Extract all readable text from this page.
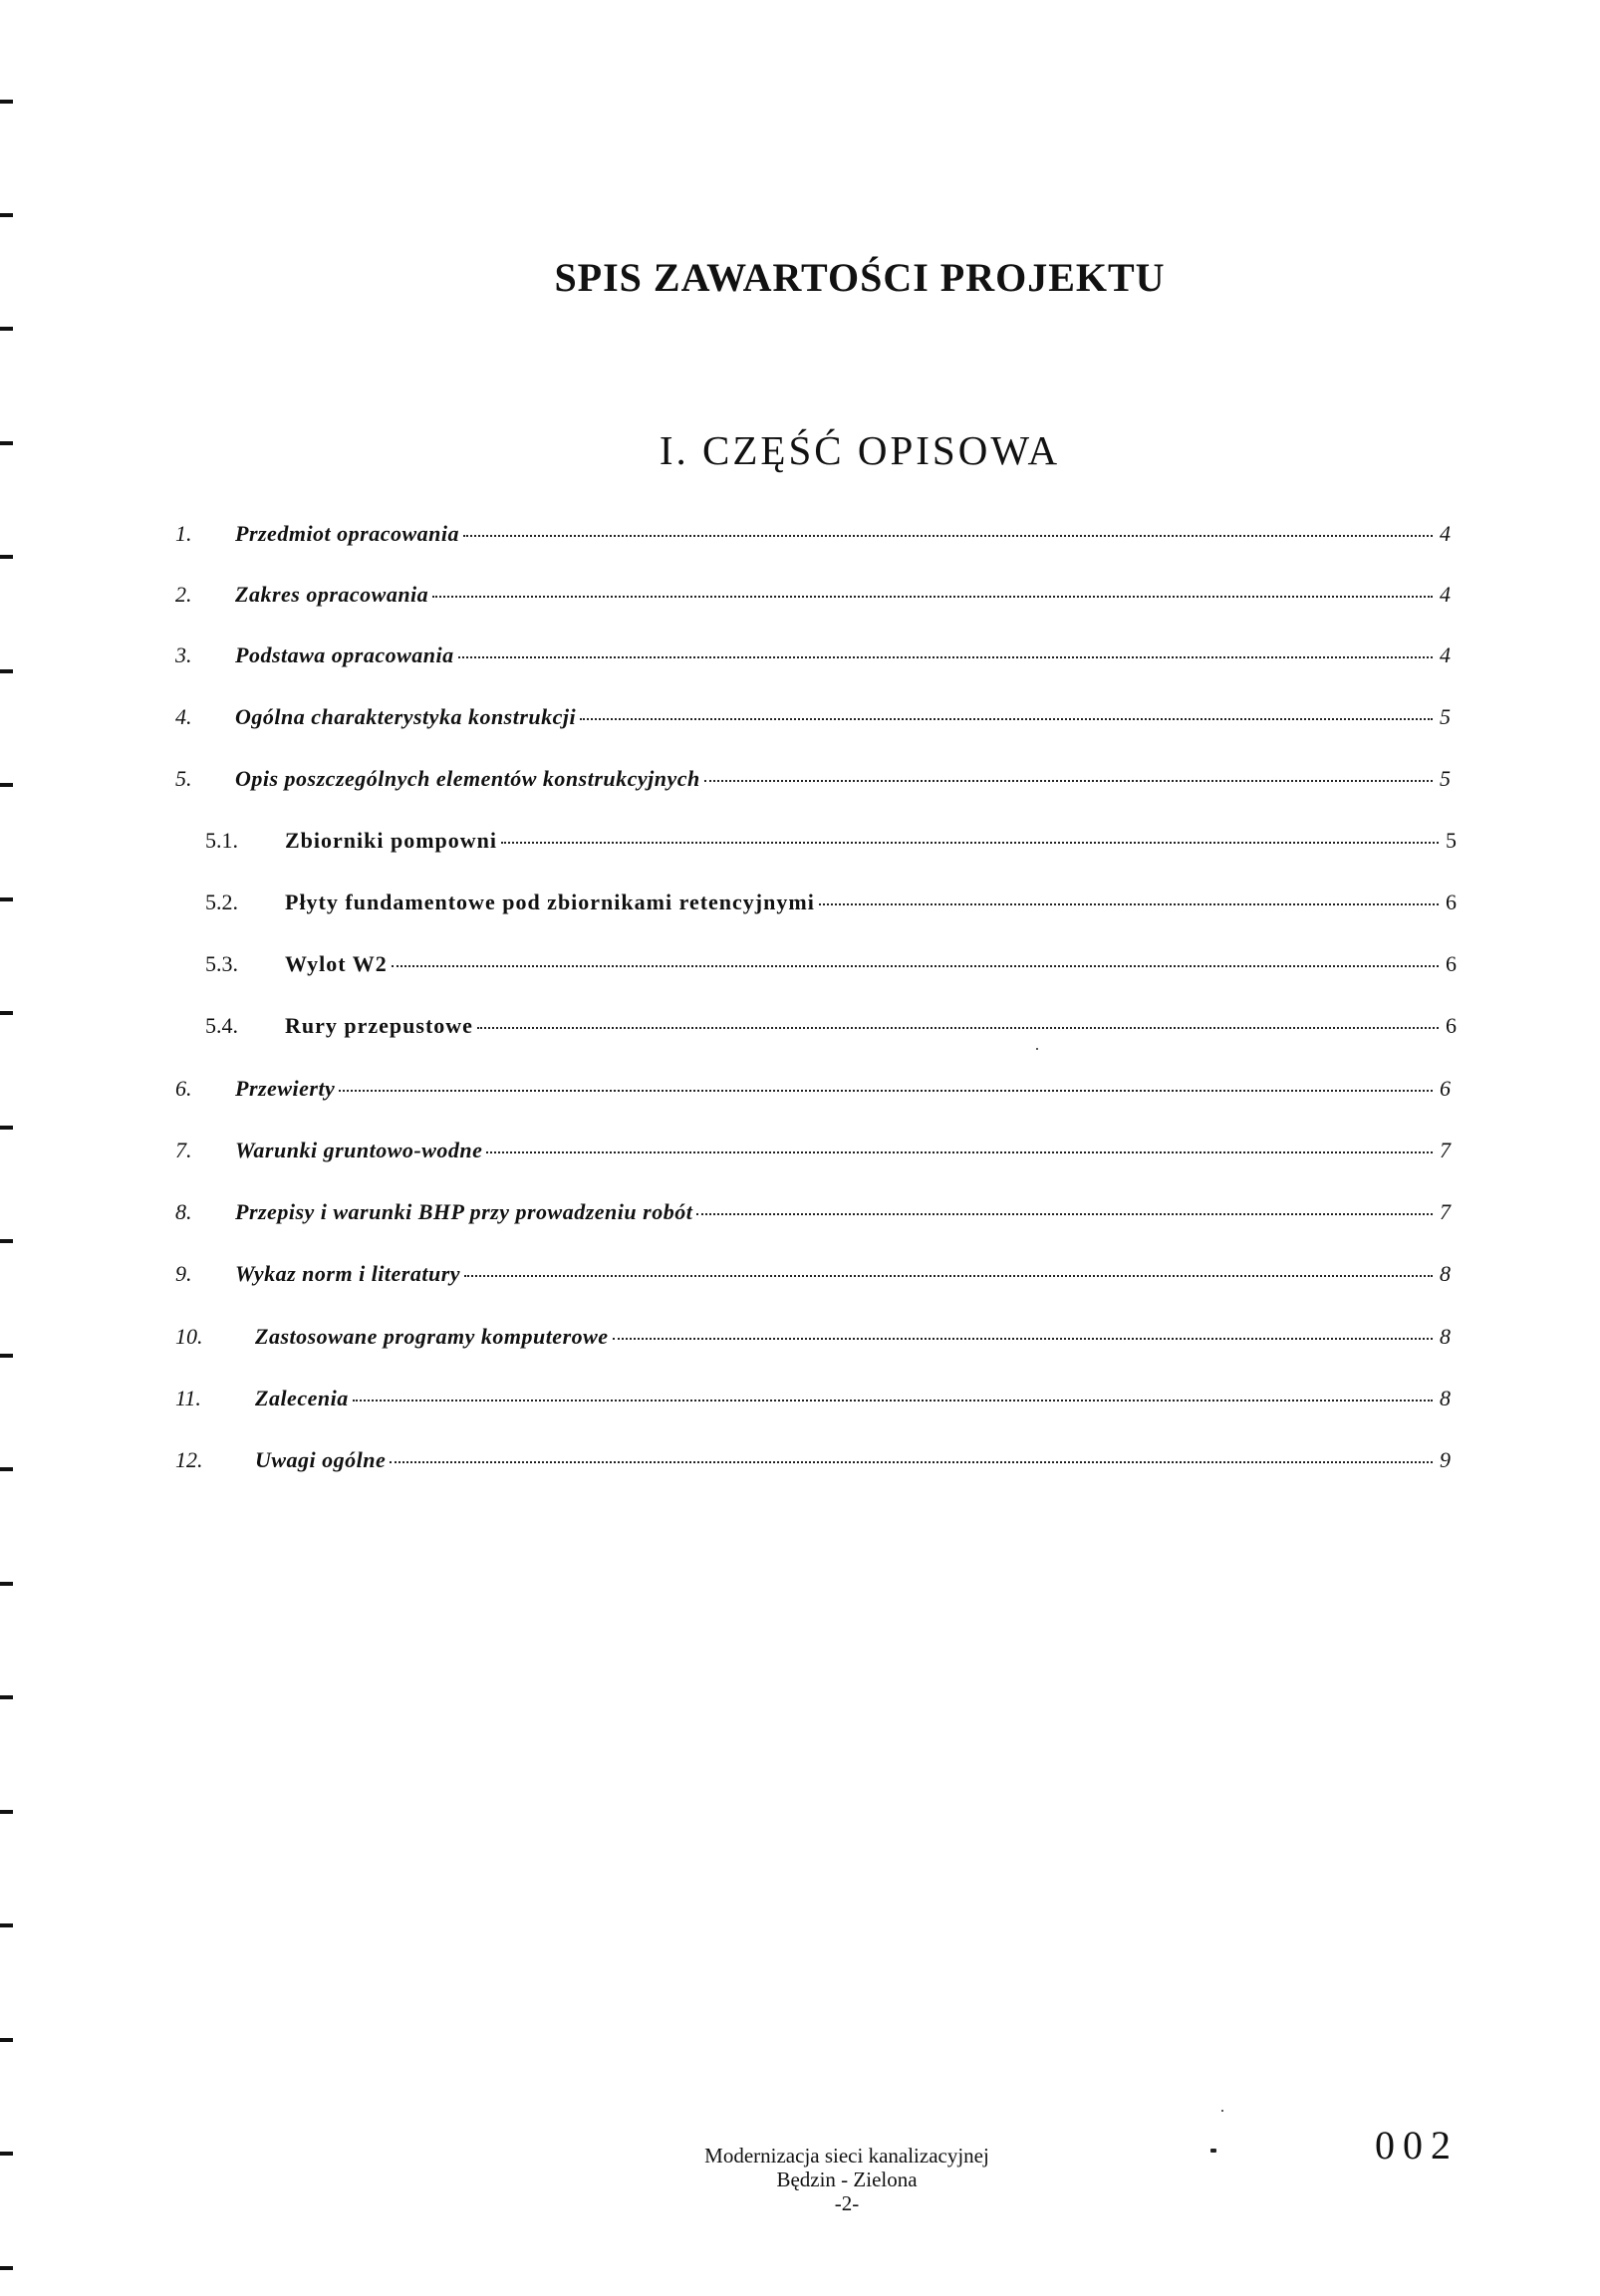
SPIS ZAWARTOŚCI PROJEKTU
I. CZĘŚĆ OPISOWA
1.	Przedmiot opracowania	4
2.	Zakres opracowania	4
3.	Podstawa opracowania	4
4.	Ogólna charakterystyka konstrukcji	5
5.	Opis poszczególnych elementów konstrukcyjnych	5
5.1.	Zbiorniki pompowni	5
5.2.	Płyty fundamentowe pod zbiornikami retencyjnymi	6
5.3.	Wylot W2	6
5.4.	Rury przepustowe	6
6.	Przewierty	6
7.	Warunki gruntowo-wodne	7
8.	Przepisy i warunki BHP przy prowadzeniu robót	7
9.	Wykaz norm i literatury	8
10.	Zastosowane programy komputerowe	8
11.	Zalecenia	8
12.	Uwagi ogólne	9
Modernizacja sieci kanalizacyjnej
Będzin - Zielona
-2-
002
